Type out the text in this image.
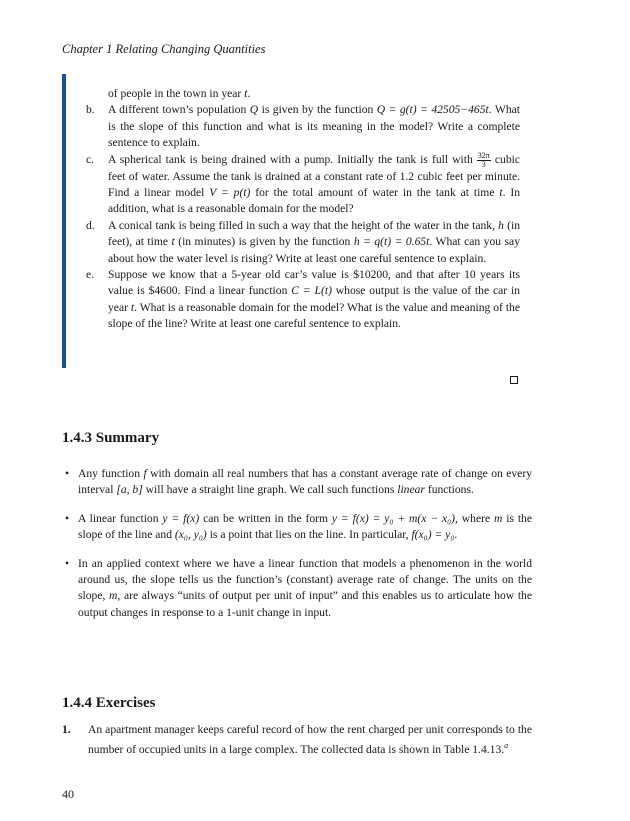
Chapter 1 Relating Changing Quantities

of people in the town in year t.

b. A different town’s population Q is given by the function Q = g(t) = 42505−465t. What is the slope of this function and what is its meaning in the model? Write a complete sentence to explain.

c. A spherical tank is being drained with a pump. Initially the tank is full with $\frac{32\pi}{3}$ cubic feet of water. Assume the tank is drained at a constant rate of 1.2 cubic feet per minute. Find a linear model V = p(t) for the total amount of water in the tank at time t. In addition, what is a reasonable domain for the model?

d. A conical tank is being filled in such a way that the height of the water in the tank, h (in feet), at time t (in minutes) is given by the function h = q(t) = 0.65t. What can you say about how the water level is rising? Write at least one careful sentence to explain.

e. Suppose we know that a 5-year old car’s value is $10200, and that after 10 years its value is $4600. Find a linear function C = L(t) whose output is the value of the car in year t. What is a reasonable domain for the model? What is the value and meaning of the slope of the line? Write at least one careful sentence to explain.

1.4.3 Summary
• Any function f with domain all real numbers that has a constant average rate of change on every interval [a, b] will have a straight line graph. We call such functions linear functions.
• A linear function y = f(x) can be written in the form y = f(x) = y₀ + m(x − x₀), where m is the slope of the line and (x₀, y₀) is a point that lies on the line. In particular, f(x₀) = y₀.
• In an applied context where we have a linear function that models a phenomenon in the world around us, the slope tells us the function’s (constant) average rate of change. The units on the slope, m, are always “units of output per unit of input” and this enables us to articulate how the output changes in response to a 1-unit change in input.
1.4.4 Exercises
1.	An apartment manager keeps careful record of how the rent charged per unit corresponds to the number of occupied units in a large complex. The collected data is shown in Table 1.4.13.$^a$
40
